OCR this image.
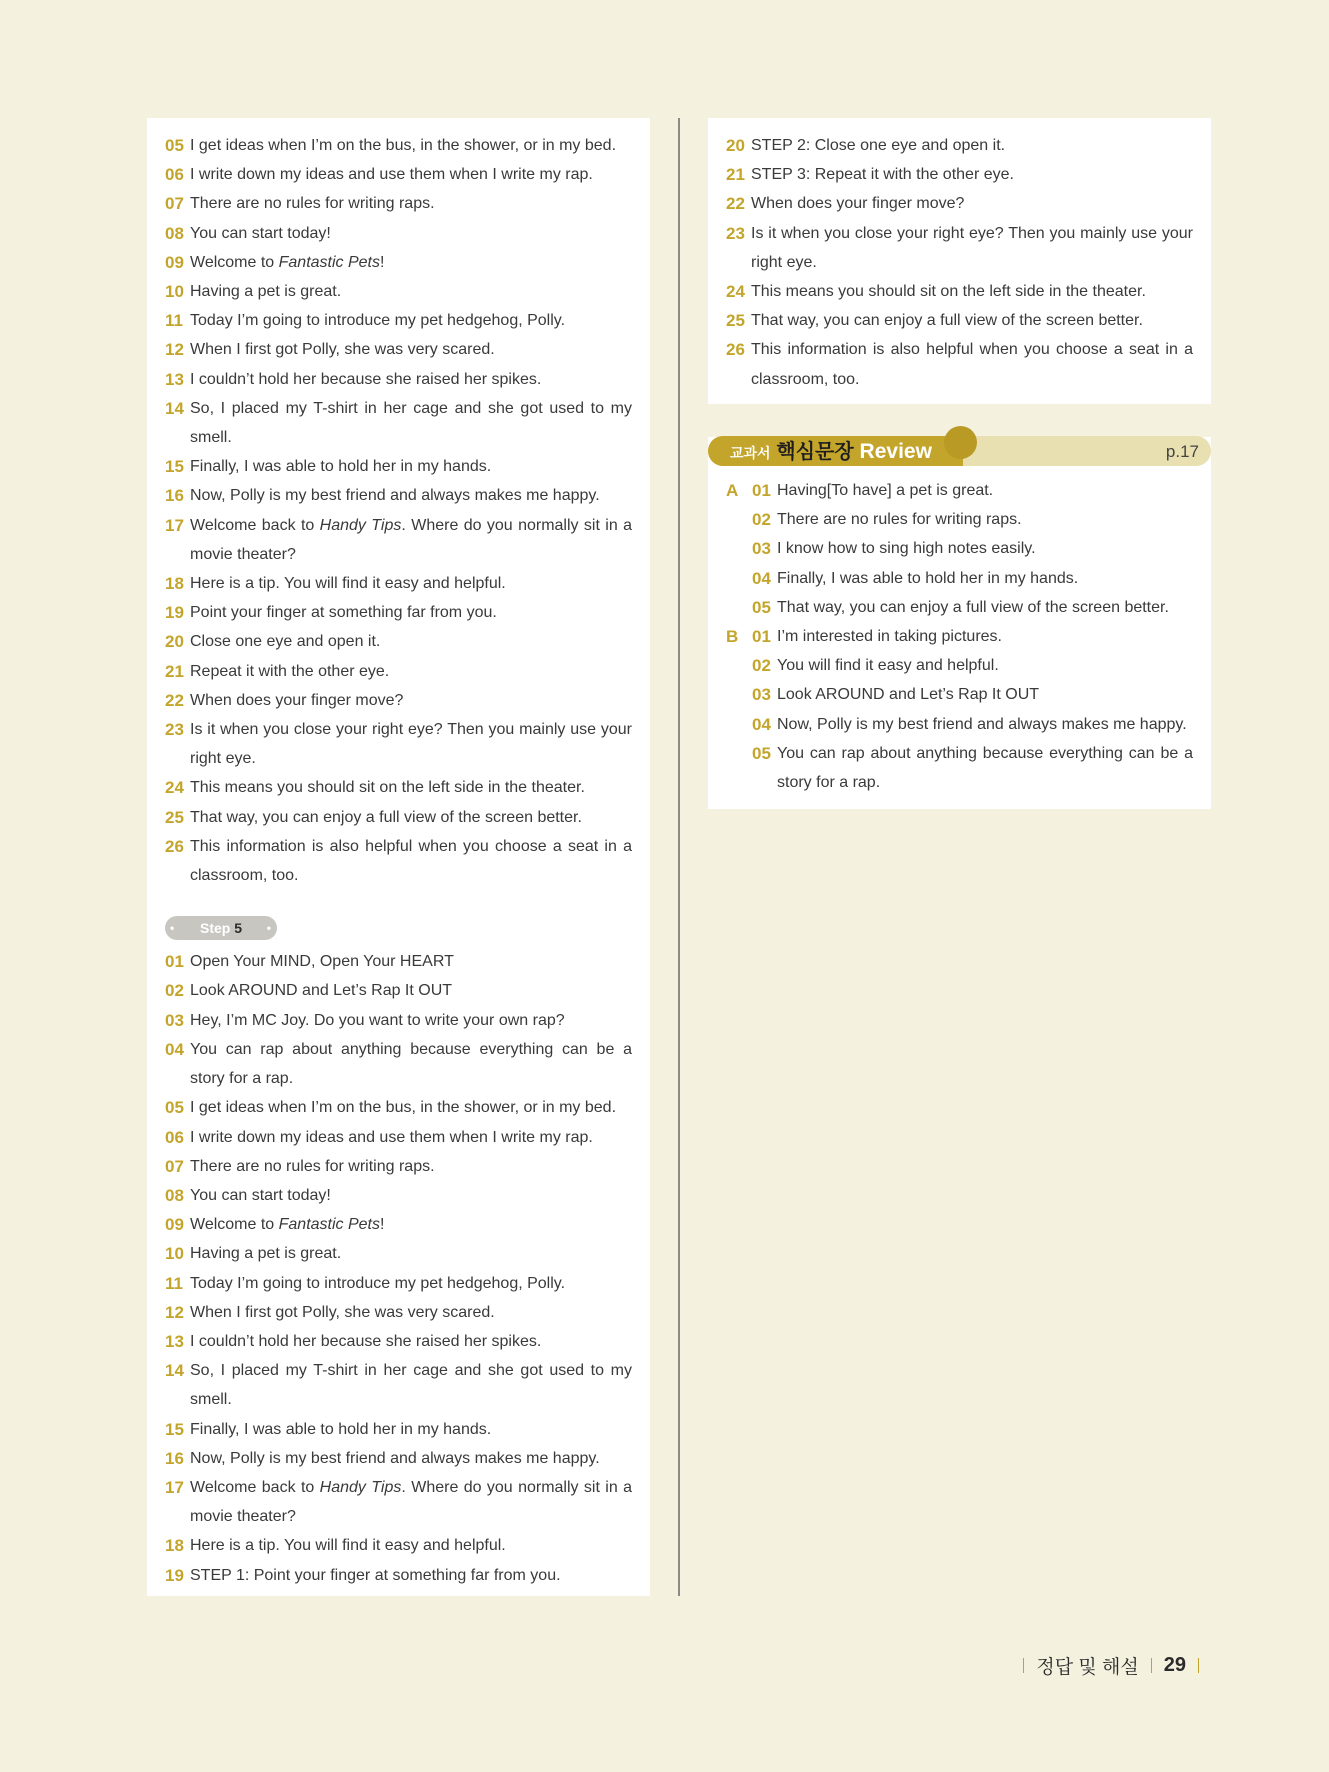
05 I get ideas when I’m on the bus, in the shower, or in my bed.
06 I write down my ideas and use them when I write my rap.
07 There are no rules for writing raps.
08 You can start today!
09 Welcome to Fantastic Pets!
10 Having a pet is great.
11 Today I’m going to introduce my pet hedgehog, Polly.
12 When I first got Polly, she was very scared.
13 I couldn’t hold her because she raised her spikes.
14 So, I placed my T-shirt in her cage and she got used to my smell.
15 Finally, I was able to hold her in my hands.
16 Now, Polly is my best friend and always makes me happy.
17 Welcome back to Handy Tips. Where do you normally sit in a movie theater?
18 Here is a tip. You will find it easy and helpful.
19 Point your finger at something far from you.
20 Close one eye and open it.
21 Repeat it with the other eye.
22 When does your finger move?
23 Is it when you close your right eye? Then you mainly use your right eye.
24 This means you should sit on the left side in the theater.
25 That way, you can enjoy a full view of the screen better.
26 This information is also helpful when you choose a seat in a classroom, too.
• Step 5 •
01 Open Your MIND, Open Your HEART
02 Look AROUND and Let’s Rap It OUT
03 Hey, I’m MC Joy. Do you want to write your own rap?
04 You can rap about anything because everything can be a story for a rap.
05 I get ideas when I’m on the bus, in the shower, or in my bed.
06 I write down my ideas and use them when I write my rap.
07 There are no rules for writing raps.
08 You can start today!
09 Welcome to Fantastic Pets!
10 Having a pet is great.
11 Today I’m going to introduce my pet hedgehog, Polly.
12 When I first got Polly, she was very scared.
13 I couldn’t hold her because she raised her spikes.
14 So, I placed my T-shirt in her cage and she got used to my smell.
15 Finally, I was able to hold her in my hands.
16 Now, Polly is my best friend and always makes me happy.
17 Welcome back to Handy Tips. Where do you normally sit in a movie theater?
18 Here is a tip. You will find it easy and helpful.
19 STEP 1: Point your finger at something far from you.
20 STEP 2: Close one eye and open it.
21 STEP 3: Repeat it with the other eye.
22 When does your finger move?
23 Is it when you close your right eye? Then you mainly use your right eye.
24 This means you should sit on the left side in the theater.
25 That way, you can enjoy a full view of the screen better.
26 This information is also helpful when you choose a seat in a classroom, too.
A 01 Having[To have] a pet is great.
02 There are no rules for writing raps.
03 I know how to sing high notes easily.
04 Finally, I was able to hold her in my hands.
05 That way, you can enjoy a full view of the screen better.
B 01 I’m interested in taking pictures.
02 You will find it easy and helpful.
03 Look AROUND and Let’s Rap It OUT
04 Now, Polly is my best friend and always makes me happy.
05 You can rap about anything because everything can be a story for a rap.
교과서 핵심문장 Review	p.17
정답 및 해설 29
